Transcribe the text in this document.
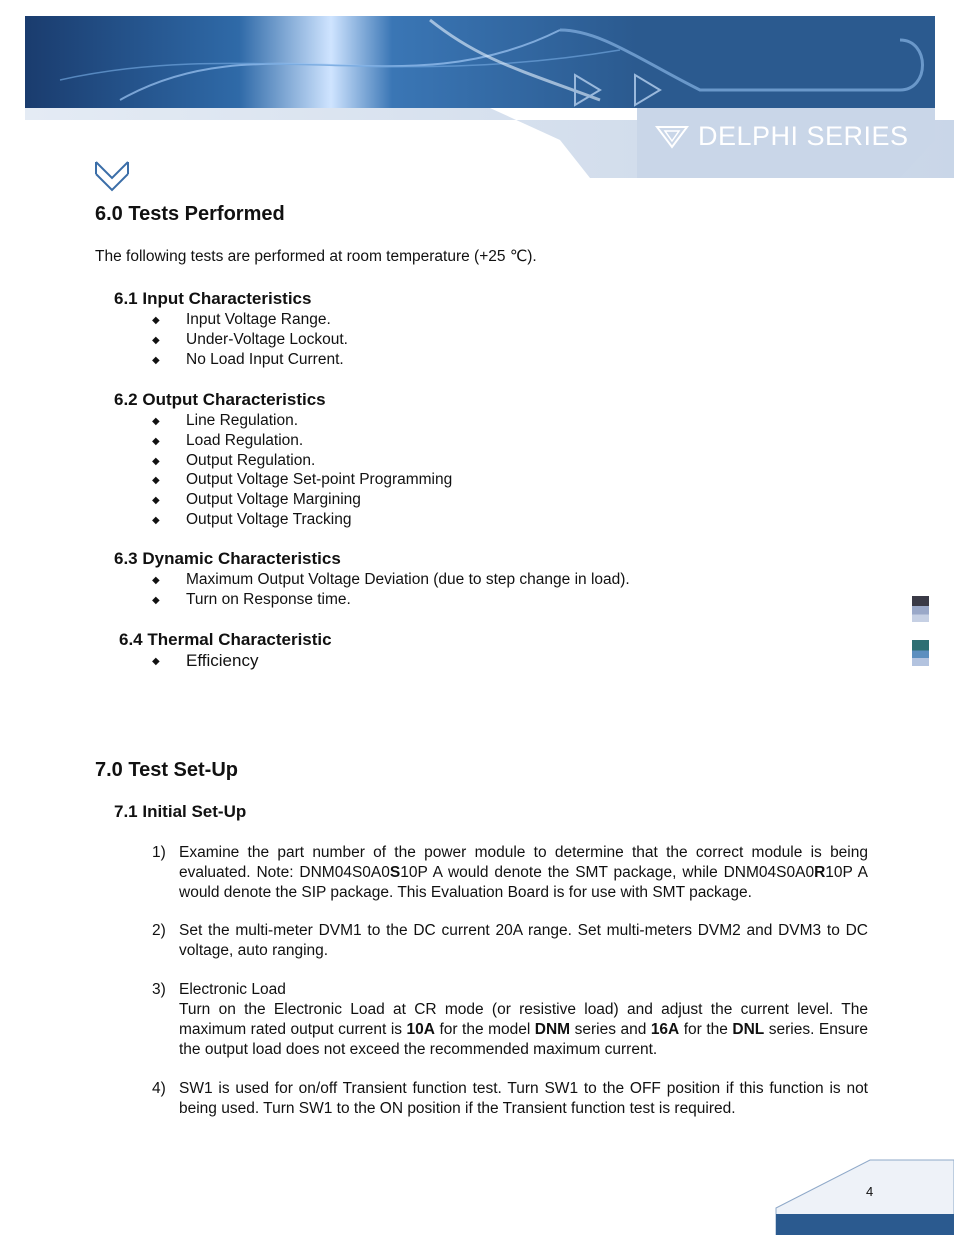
DELPHI SERIES
6.0 Tests Performed

The following tests are performed at room temperature (+25 ℃).

6.1 Input Characteristics
◆ Input Voltage Range.
◆ Under-Voltage Lockout.
◆ No Load Input Current.
6.2 Output Characteristics
◆ Line Regulation.
◆ Load Regulation.
◆ Output Regulation.
◆ Output Voltage Set-point Programming
◆ Output Voltage Margining
◆ Output Voltage Tracking
6.3 Dynamic Characteristics
◆ Maximum Output Voltage Deviation (due to step change in load).
◆ Turn on Response time.
6.4 Thermal Characteristic
◆ Efficiency
7.0 Test Set-Up
7.1 Initial Set-Up
1) Examine the part number of the power module to determine that the correct module is being evaluated. Note: DNM04S0A0S10P A would denote the SMT package, while DNM04S0A0R10P A would denote the SIP package. This Evaluation Board is for use with SMT package.
2) Set the multi-meter DVM1 to the DC current 20A range. Set multi-meters DVM2 and DVM3 to DC voltage, auto ranging.
3) Electronic Load
Turn on the Electronic Load at CR mode (or resistive load) and adjust the current level. The maximum rated output current is 10A for the model DNM series and 16A for the DNL series. Ensure the output load does not exceed the recommended maximum current.
4) SW1 is used for on/off Transient function test. Turn SW1 to the OFF position if this function is not being used. Turn SW1 to the ON position if the Transient function test is required.
4
